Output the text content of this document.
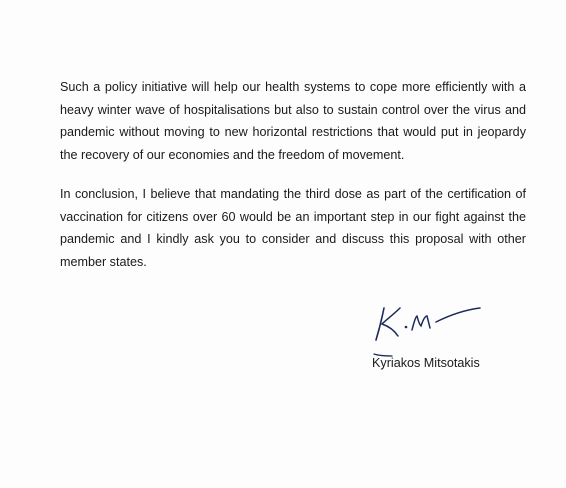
Such a policy initiative will help our health systems to cope more efficiently with a heavy winter wave of hospitalisations but also to sustain control over the virus and pandemic without moving to new horizontal restrictions that would put in jeopardy the recovery of our economies and the freedom of movement.

In conclusion, I believe that mandating the third dose as part of the certification of vaccination for citizens over 60 would be an important step in our fight against the pandemic and I kindly ask you to consider and discuss this proposal with other member states.

Kyriakos Mitsotakis
